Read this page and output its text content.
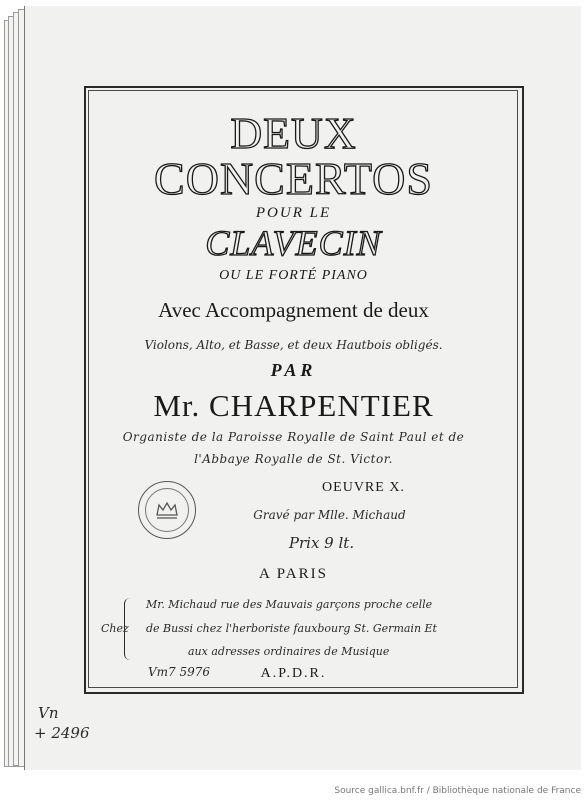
DEUX
CONCERTOS
POUR LE
CLAVECIN
OU LE FORTÉ PIANO
Avec Accompagnement de deux
Violons, Alto, et Basse, et deux Hautbois obligés.
PAR
Mr. CHARPENTIER
Organiste de la Paroisse Royalle de Saint Paul et de
l'Abbaye Royalle de St. Victor.
OEUVRE X.
Gravé par Mlle. Michaud
Prix 9 lt.
A PARIS
Chez
Mr. Michaud rue des Mauvais garçons proche celle
de Bussi chez l'herboriste fauxbourg St. Germain Et
aux adresses ordinaires de Musique
A.P.D.R.
Vm7 5976
Vn
+ 2496
Source gallica.bnf.fr / Bibliothèque nationale de France
